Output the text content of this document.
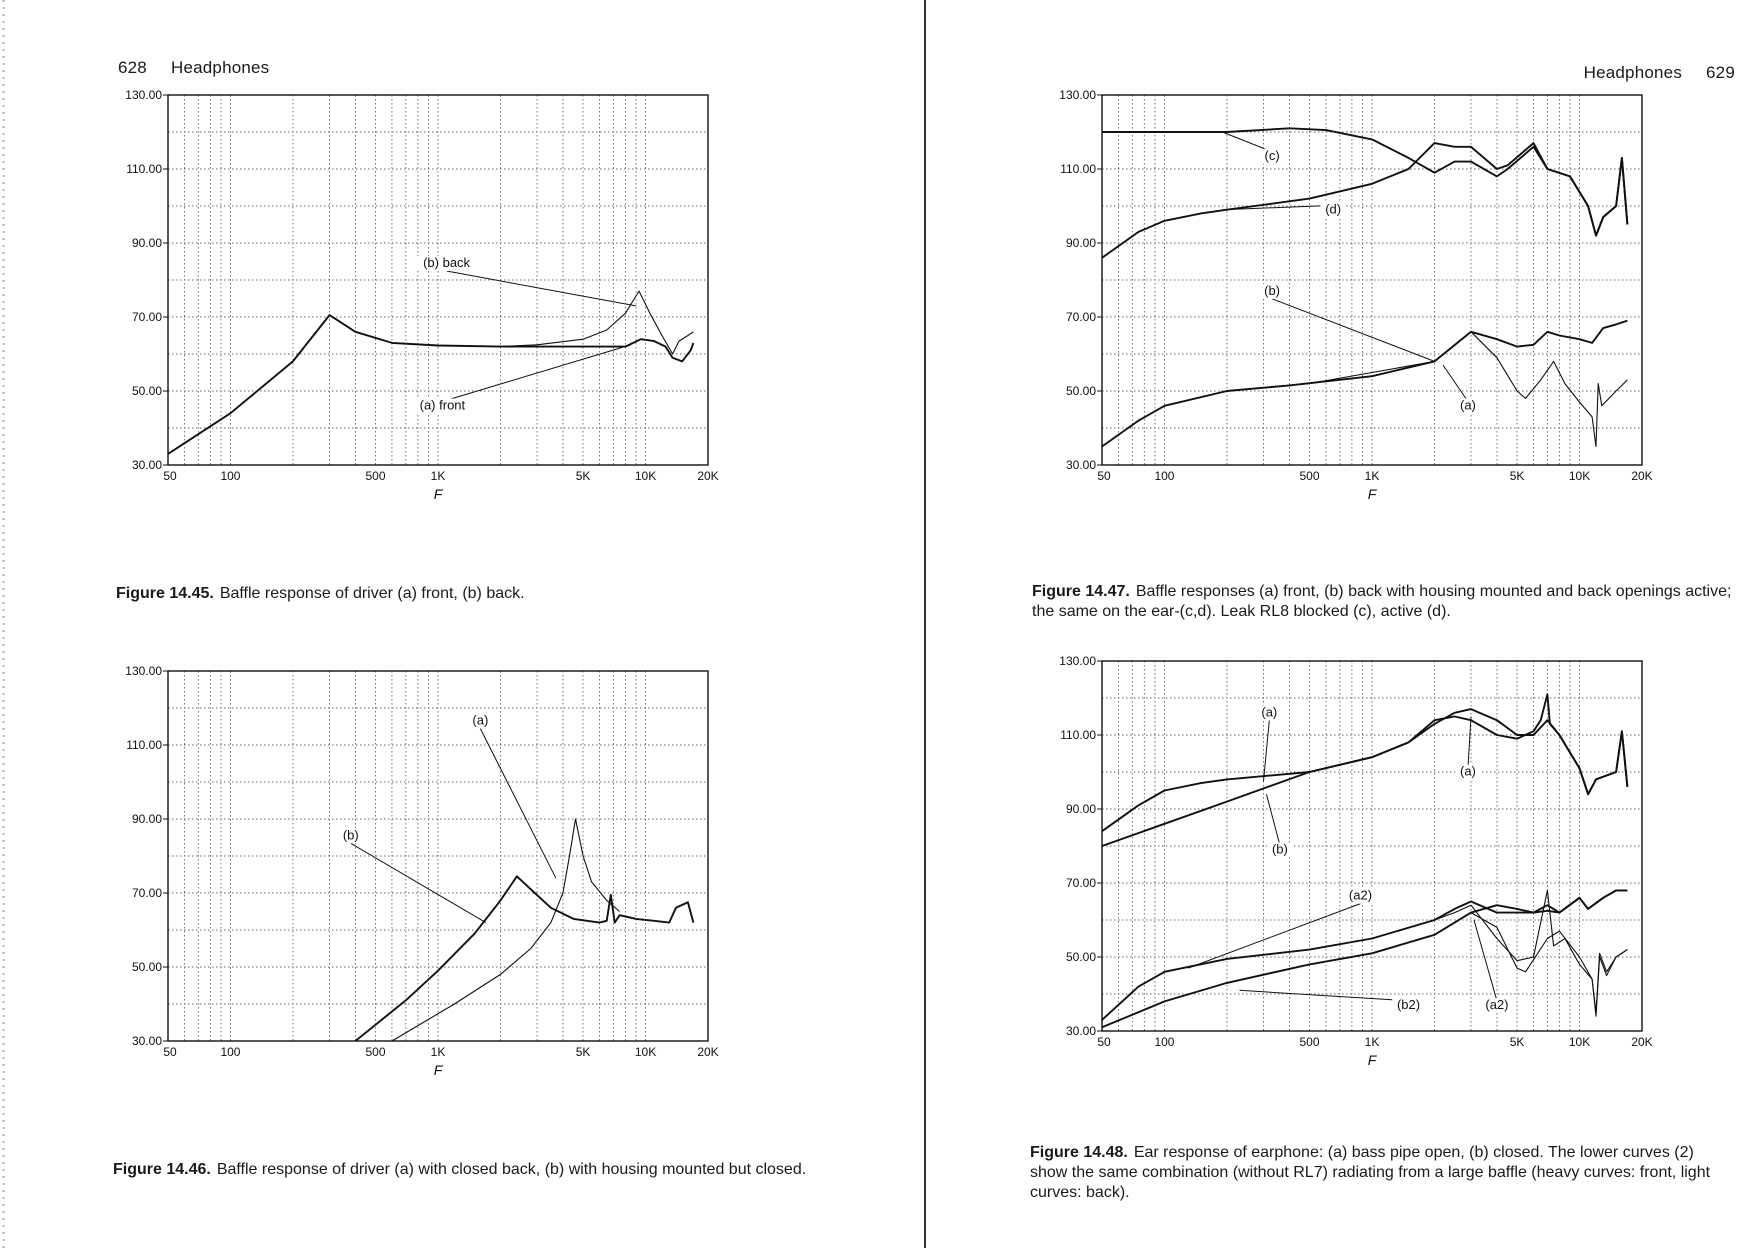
628 Headphones	Headphones 629
30.00
50.00
70.00
90.00
110.00
130.00
50	100	500	1K	5K	10K	20K
F
(b) back
(a) front
30.00
50.00
70.00
90.00
110.00
130.00
50	100	500	1K	5K	10K	20K
F
(a)
(b)
30.00
50.00
70.00
90.00
110.00
130.00
50	100	500	1K	5K	10K	20K
F
(c)
(d)
(b)
(a)
30.00
50.00
70.00
90.00
110.00
130.00
50	100	500	1K	5K	10K	20K
F
(a)
(a)
(b)
(a2)
(b2)	(a2)
Figure 14.45. Baffle response of driver (a) front, (b) back.
Figure 14.46. Baffle response of driver (a) with closed back, (b) with housing mounted but closed.
Figure 14.47. Baffle responses (a) front, (b) back with housing mounted and back openings active; the same on the ear-(c,d). Leak RL8 blocked (c), active (d).
Figure 14.48. Ear response of earphone: (a) bass pipe open, (b) closed. The lower curves (2) show the same combination (without RL7) radiating from a large baffle (heavy curves: front, light curves: back).
